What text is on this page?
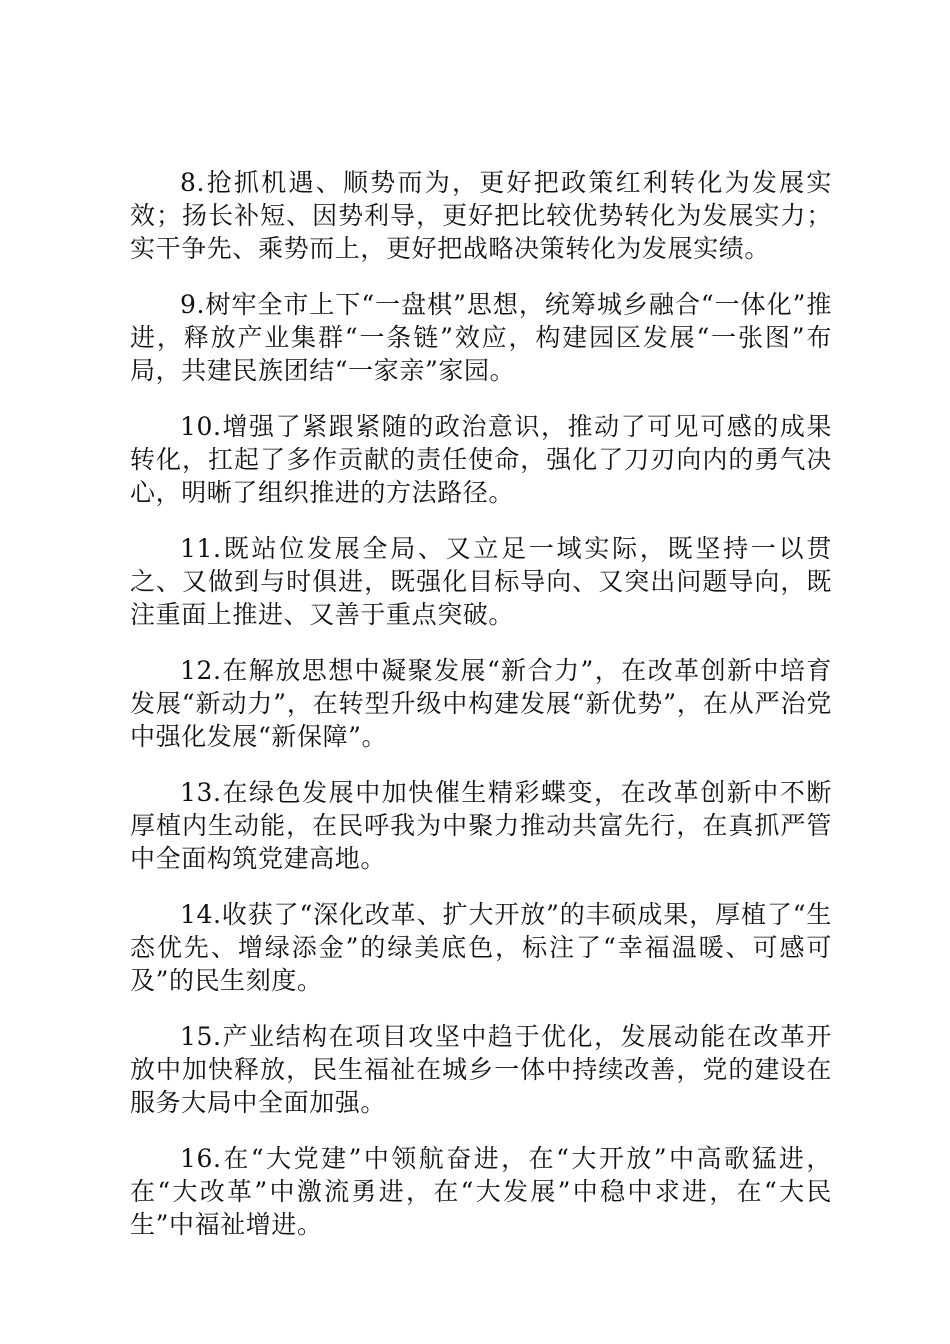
8.抢抓机遇、顺势而为，更好把政策红利转化为发展实效；扬长补短、因势利导，更好把比较优势转化为发展实力；实干争先、乘势而上，更好把战略决策转化为发展实绩。

9.树牢全市上下“一盘棋”思想，统筹城乡融合“一体化”推进，释放产业集群“一条链”效应，构建园区发展“一张图”布局，共建民族团结“一家亲”家园。

10.增强了紧跟紧随的政治意识，推动了可见可感的成果转化，扛起了多作贡献的责任使命，强化了刀刃向内的勇气决心，明晰了组织推进的方法路径。

11.既站位发展全局、又立足一域实际，既坚持一以贯之、又做到与时俱进，既强化目标导向、又突出问题导向，既注重面上推进、又善于重点突破。

12.在解放思想中凝聚发展“新合力”，在改革创新中培育发展“新动力”，在转型升级中构建发展“新优势”，在从严治党中强化发展“新保障”。

13.在绿色发展中加快催生精彩蝶变，在改革创新中不断厚植内生动能，在民呼我为中聚力推动共富先行，在真抓严管中全面构筑党建高地。

14.收获了“深化改革、扩大开放”的丰硕成果，厚植了“生态优先、增绿添金”的绿美底色，标注了“幸福温暖、可感可及”的民生刻度。

15.产业结构在项目攻坚中趋于优化，发展动能在改革开放中加快释放，民生福祉在城乡一体中持续改善，党的建设在服务大局中全面加强。

16.在“大党建”中领航奋进，在“大开放”中高歌猛进，在“大改革”中激流勇进，在“大发展”中稳中求进，在“大民生”中福祉增进。
